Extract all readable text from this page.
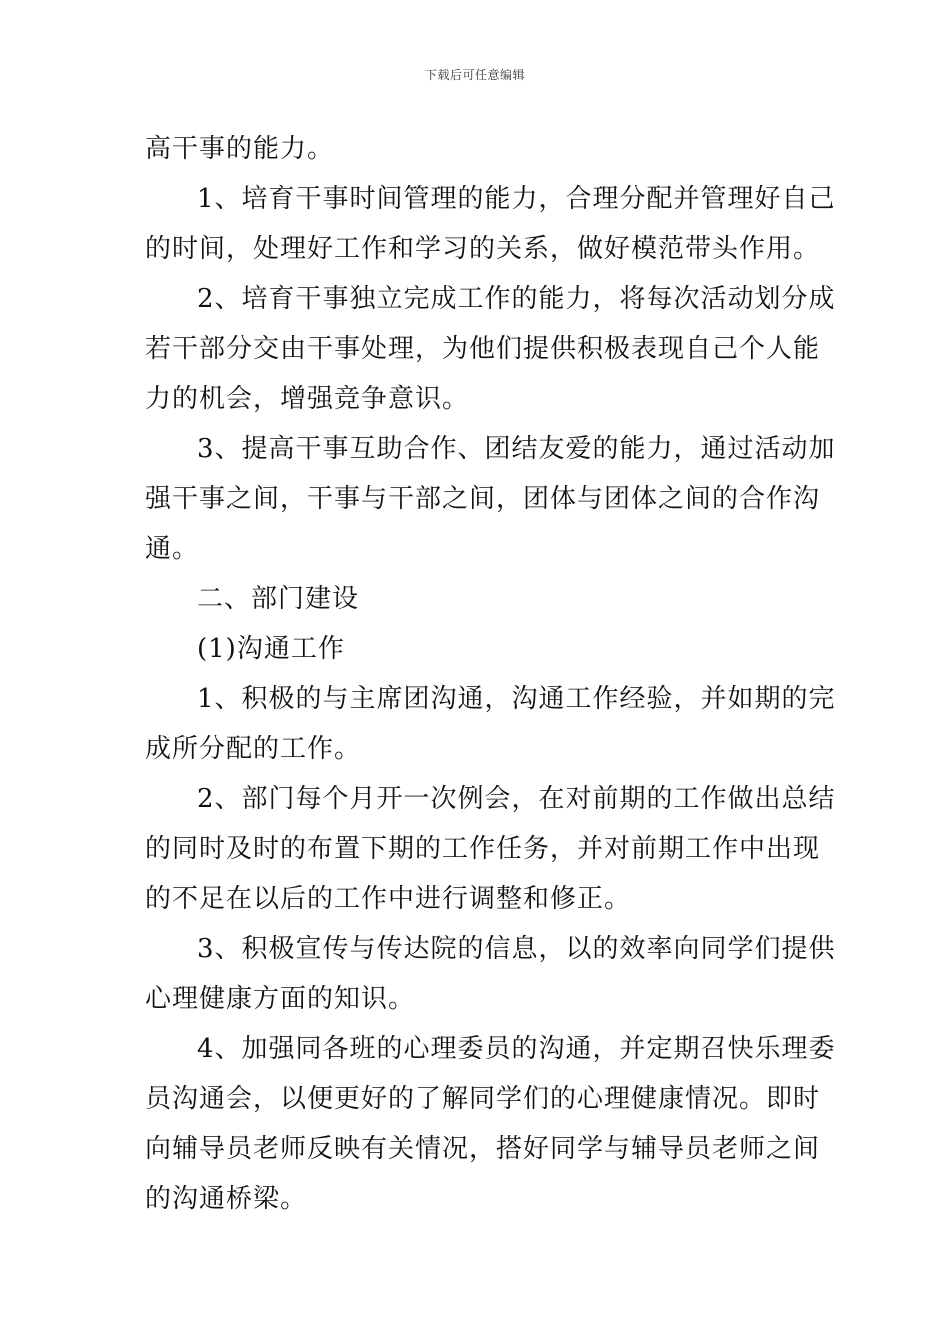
下载后可任意编辑
高干事的能力。
1、培育干事时间管理的能力，合理分配并管理好自己
的时间，处理好工作和学习的关系，做好模范带头作用。
2、培育干事独立完成工作的能力，将每次活动划分成
若干部分交由干事处理，为他们提供积极表现自己个人能
力的机会，增强竞争意识。
3、提高干事互助合作、团结友爱的能力，通过活动加
强干事之间，干事与干部之间，团体与团体之间的合作沟
通。
二、部门建设
(1)沟通工作
1、积极的与主席团沟通，沟通工作经验，并如期的完
成所分配的工作。
2、部门每个月开一次例会，在对前期的工作做出总结
的同时及时的布置下期的工作任务，并对前期工作中出现
的不足在以后的工作中进行调整和修正。
3、积极宣传与传达院的信息，以的效率向同学们提供
心理健康方面的知识。
4、加强同各班的心理委员的沟通，并定期召快乐理委
员沟通会，以便更好的了解同学们的心理健康情况。即时
向辅导员老师反映有关情况，搭好同学与辅导员老师之间
的沟通桥梁。
